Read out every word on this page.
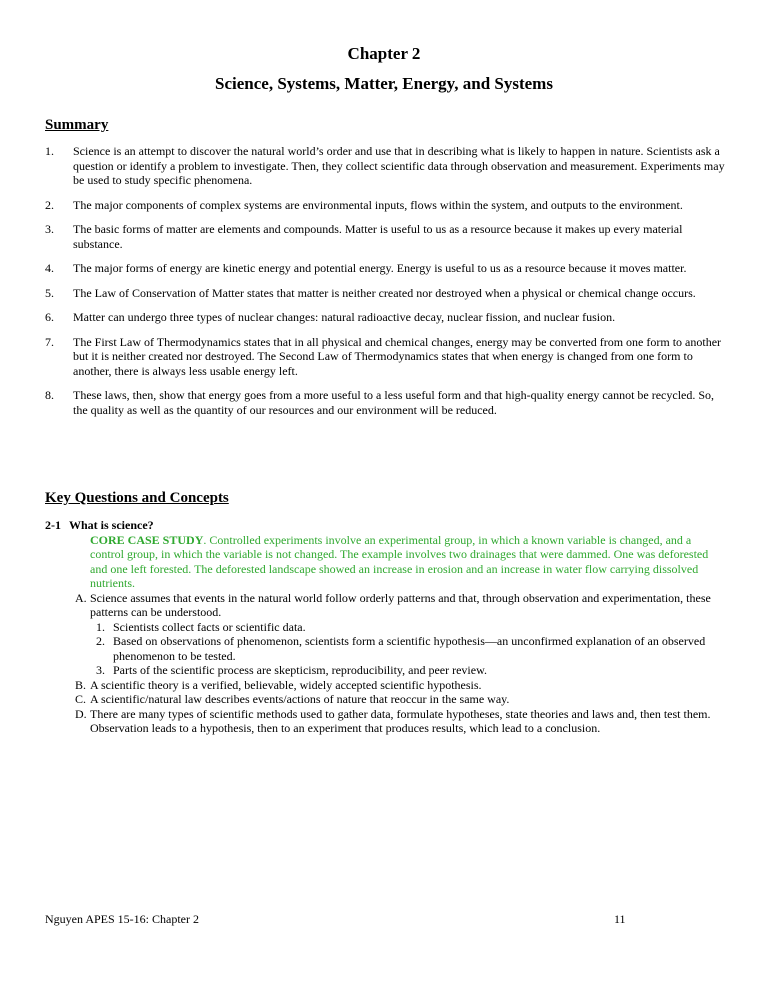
Chapter 2
Science, Systems, Matter, Energy, and Systems
Summary
1.	Science is an attempt to discover the natural world’s order and use that in describing what is likely to happen in nature. Scientists ask a question or identify a problem to investigate. Then, they collect scientific data through observation and measurement. Experiments may be used to study specific phenomena.
2.	The major components of complex systems are environmental inputs, flows within the system, and outputs to the environment.
3.	The basic forms of matter are elements and compounds. Matter is useful to us as a resource because it makes up every material substance.
4.	The major forms of energy are kinetic energy and potential energy. Energy is useful to us as a resource because it moves matter.
5.	The Law of Conservation of Matter states that matter is neither created nor destroyed when a physical or chemical change occurs.
6.	Matter can undergo three types of nuclear changes: natural radioactive decay, nuclear fission, and nuclear fusion.
7.	The First Law of Thermodynamics states that in all physical and chemical changes, energy may be converted from one form to another but it is neither created nor destroyed. The Second Law of Thermodynamics states that when energy is changed from one form to another, there is always less usable energy left.
8.	These laws, then, show that energy goes from a more useful to a less useful form and that high-quality energy cannot be recycled. So, the quality as well as the quantity of our resources and our environment will be reduced.
Key Questions and Concepts
2-1 What is science?
CORE CASE STUDY. Controlled experiments involve an experimental group, in which a known variable is changed, and a control group, in which the variable is not changed. The example involves two drainages that were dammed. One was deforested and one left forested. The deforested landscape showed an increase in erosion and an increase in water flow carrying dissolved nutrients.
A. Science assumes that events in the natural world follow orderly patterns and that, through observation and experimentation, these patterns can be understood.
1. Scientists collect facts or scientific data.
2. Based on observations of phenomenon, scientists form a scientific hypothesis—an unconfirmed explanation of an observed phenomenon to be tested.
3. Parts of the scientific process are skepticism, reproducibility, and peer review.
B. A scientific theory is a verified, believable, widely accepted scientific hypothesis.
C. A scientific/natural law describes events/actions of nature that reoccur in the same way.
D. There are many types of scientific methods used to gather data, formulate hypotheses, state theories and laws and, then test them. Observation leads to a hypothesis, then to an experiment that produces results, which lead to a conclusion.
Nguyen APES 15-16: Chapter 2	11
